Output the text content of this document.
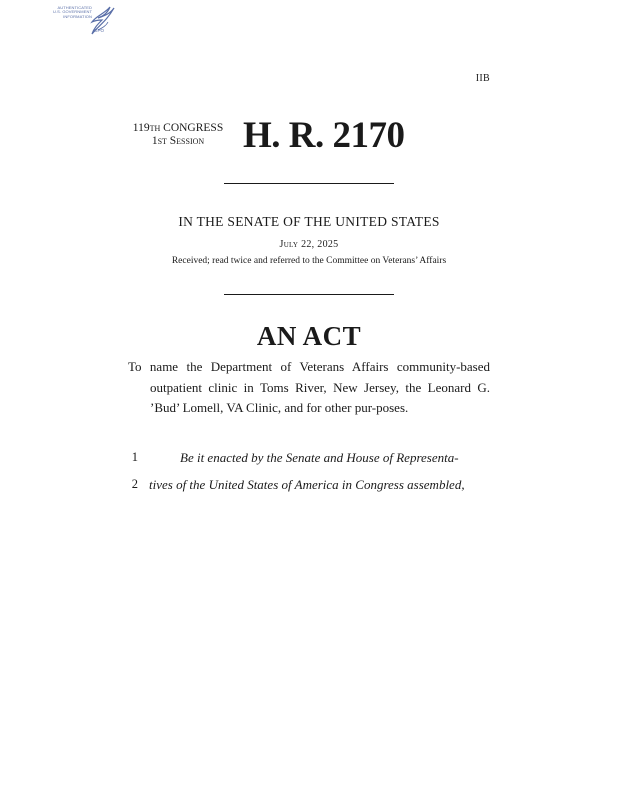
AUTHENTICATED
U.S. GOVERNMENT
INFORMATION
GPO
IIB
119th CONGRESS
1st Session	H. R. 2170
IN THE SENATE OF THE UNITED STATES
July 22, 2025
Received; read twice and referred to the Committee on Veterans’ Affairs
AN ACT
To name the Department of Veterans Affairs community-based outpatient clinic in Toms River, New Jersey, the Leonard G. ’Bud’ Lomell, VA Clinic, and for other pur-poses.
1
2
Be it enacted by the Senate and House of Representa-
tives of the United States of America in Congress assembled,
